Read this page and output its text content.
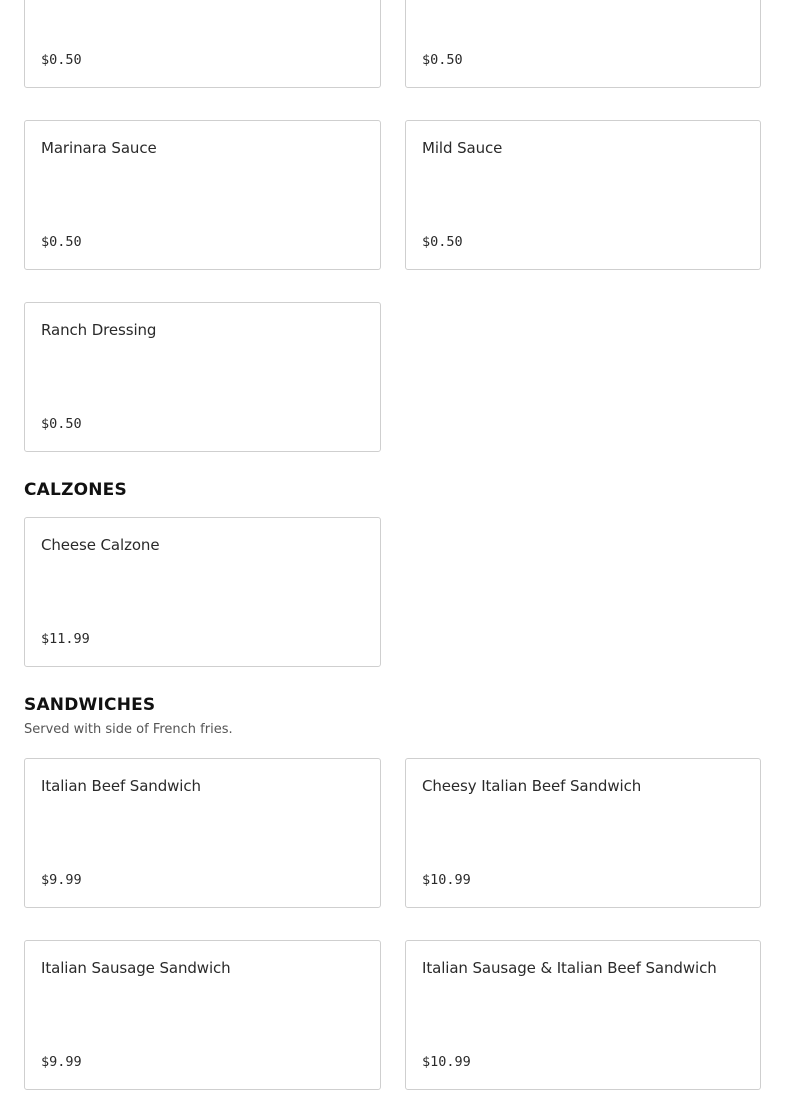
$0.50	$0.50

Marinara Sauce

$0.50

Mild Sauce

$0.50

Ranch Dressing

$0.50

CALZONES

Cheese Calzone

$11.99

SANDWICHES

Served with side of French fries.

Italian Beef Sandwich

$9.99

Cheesy Italian Beef Sandwich

$10.99

Italian Sausage Sandwich

$9.99

Italian Sausage & Italian Beef Sandwich

$10.99
